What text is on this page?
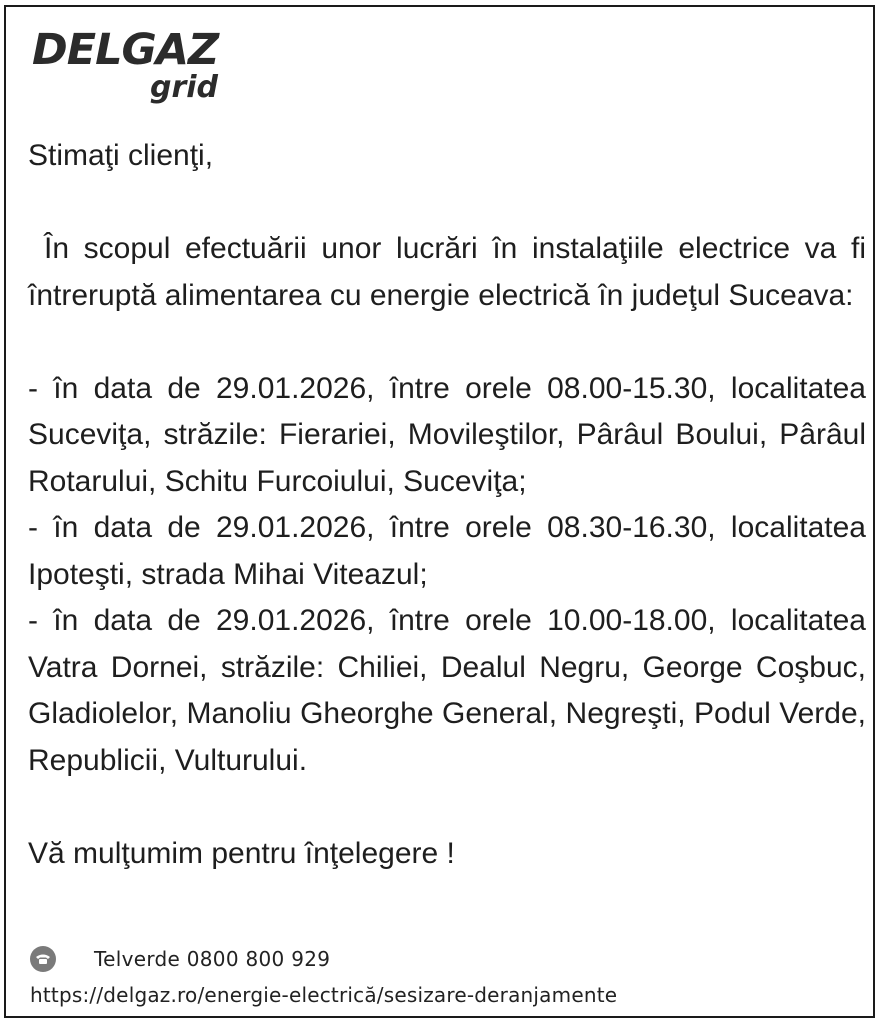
DELGAZ
grid

Stimaţi clienţi,

În scopul efectuării unor lucrări în instalaţiile electrice va fi întreruptă alimentarea cu energie electrică în judeţul Suceava:

- în data de 29.01.2026, între orele 08.00-15.30, localitatea Suceviţa, străzile: Fierariei, Movileştilor, Pârâul Boului, Pârâul Rotarului, Schitu Furcoiului, Suceviţa;

- în data de 29.01.2026, între orele 08.30-16.30, localitatea Ipoteşti, strada Mihai Viteazul;

- în data de 29.01.2026, între orele 10.00-18.00, localitatea Vatra Dornei, străzile: Chiliei, Dealul Negru, George Coşbuc, Gladiolelor, Manoliu Gheorghe General, Negreşti, Podul Verde, Republicii, Vulturului.

Vă mulţumim pentru înţelegere !

Telverde 0800 800 929
https://delgaz.ro/energie-electrică/sesizare-deranjamente
